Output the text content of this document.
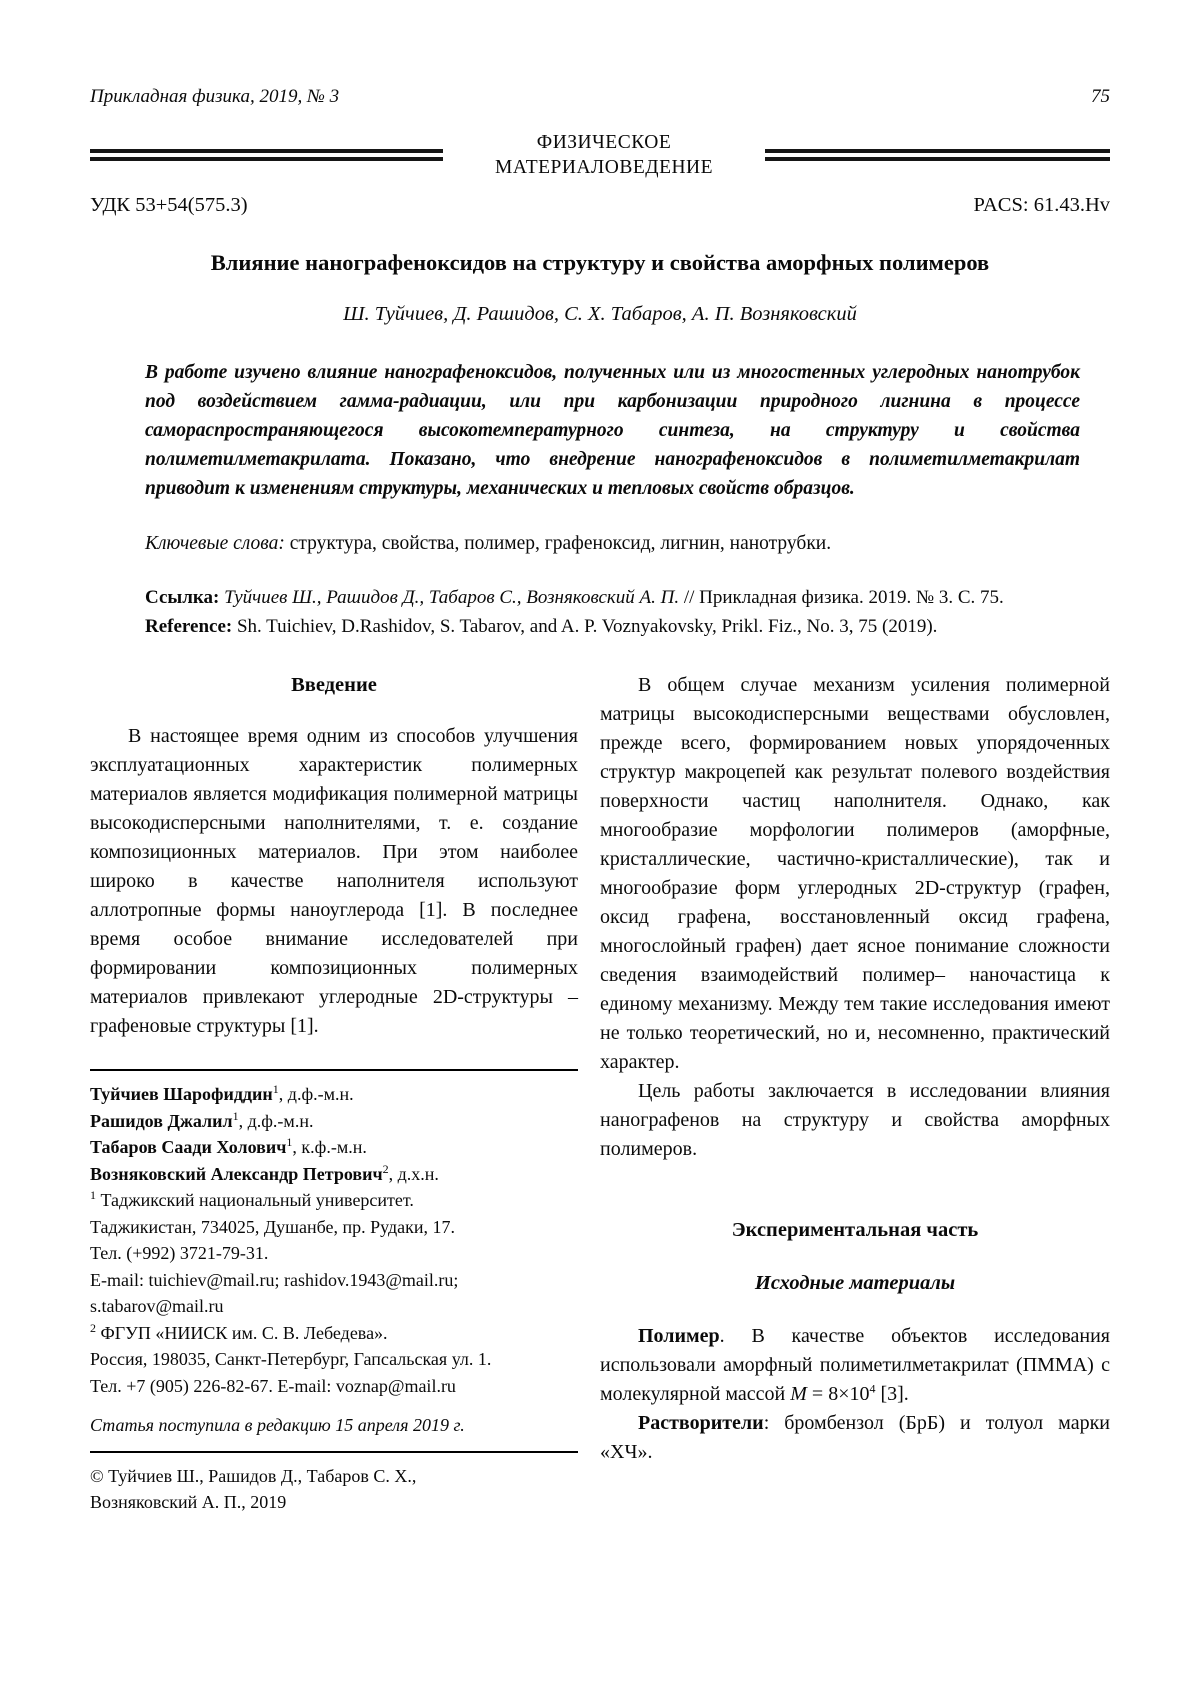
Прикладная физика, 2019, № 3	75
ФИЗИЧЕСКОЕ
МАТЕРИАЛОВЕДЕНИЕ
УДК 53+54(575.3)	PACS: 61.43.Hv
Влияние нанографеноксидов на структуру и свойства аморфных полимеров
Ш. Туйчиев, Д. Рашидов, С. Х. Табаров, А. П. Возняковский
В работе изучено влияние нанографеноксидов, полученных или из многостенных углеродных нанотрубок под воздействием гамма-радиации, или при карбонизации природного лигнина в процессе самораспространяющегося высокотемпературного синтеза, на структуру и свойства полиметилметакрилата. Показано, что внедрение нанографеноксидов в полиметилметакрилат приводит к изменениям структуры, механических и тепловых свойств образцов.
Ключевые слова: структура, свойства, полимер, графеноксид, лигнин, нанотрубки.
Ссылка: Туйчиев Ш., Рашидов Д., Табаров С., Возняковский А. П. // Прикладная физика. 2019. № 3. С. 75.
Reference: Sh. Tuichiev, D.Rashidov, S. Tabarov, and A. P. Voznyakovsky, Prikl. Fiz., No. 3, 75 (2019).
Введение

В настоящее время одним из способов улучшения эксплуатационных характеристик полимерных материалов является модификация полимерной матрицы высокодисперсными наполнителями, т. е. создание композиционных материалов. При этом наиболее широко в качестве наполнителя используют аллотропные формы наноуглерода [1]. В последнее время особое внимание исследователей при формировании композиционных полимерных материалов привлекают углеродные 2D-структуры – графеновые структуры [1].

Туйчиев Шарофиддин$^1$, д.ф.-м.н.
Рашидов Джалил$^1$, д.ф.-м.н.
Табаров Саади Холович$^1$, к.ф.-м.н.
Возняковский Александр Петрович$^2$, д.х.н.
$^1$ Таджикский национальный университет.
Таджикистан, 734025, Душанбе, пр. Рудаки, 17.
Тел. (+992) 3721-79-31.
E-mail: tuichiev@mail.ru; rashidov.1943@mail.ru;
s.tabarov@mail.ru
$^2$ ФГУП «НИИСК им. С. В. Лебедева».
Россия, 198035, Санкт-Петербург, Гапсальская ул. 1.
Тел. +7 (905) 226-82-67. E-mail: voznap@mail.ru
Статья поступила в редакцию 15 апреля 2019 г.
© Туйчиев Ш., Рашидов Д., Табаров С. Х.,
Возняковский А. П., 2019

В общем случае механизм усиления полимерной матрицы высокодисперсными веществами обусловлен, прежде всего, формированием новых упорядоченных структур макроцепей как результат полевого воздействия поверхности частиц наполнителя. Однако, как многообразие морфологии полимеров (аморфные, кристаллические, частично-кристаллические), так и многообразие форм углеродных 2D-структур (графен, оксид графена, восстановленный оксид графена, многослойный графен) дает ясное понимание сложности сведения взаимодействий полимер– наночастица к единому механизму. Между тем такие исследования имеют не только теоретический, но и, несомненно, практический характер.

Цель работы заключается в исследовании влияния нанографенов на структуру и свойства аморфных полимеров.

Экспериментальная часть
Исходные материалы

Полимер. В качестве объектов исследования использовали аморфный полиметилметакрилат (ПММА) с молекулярной массой $M = 8\times 10^4$ [3].

Растворители: бромбензол (БрБ) и толуол марки «ХЧ».
